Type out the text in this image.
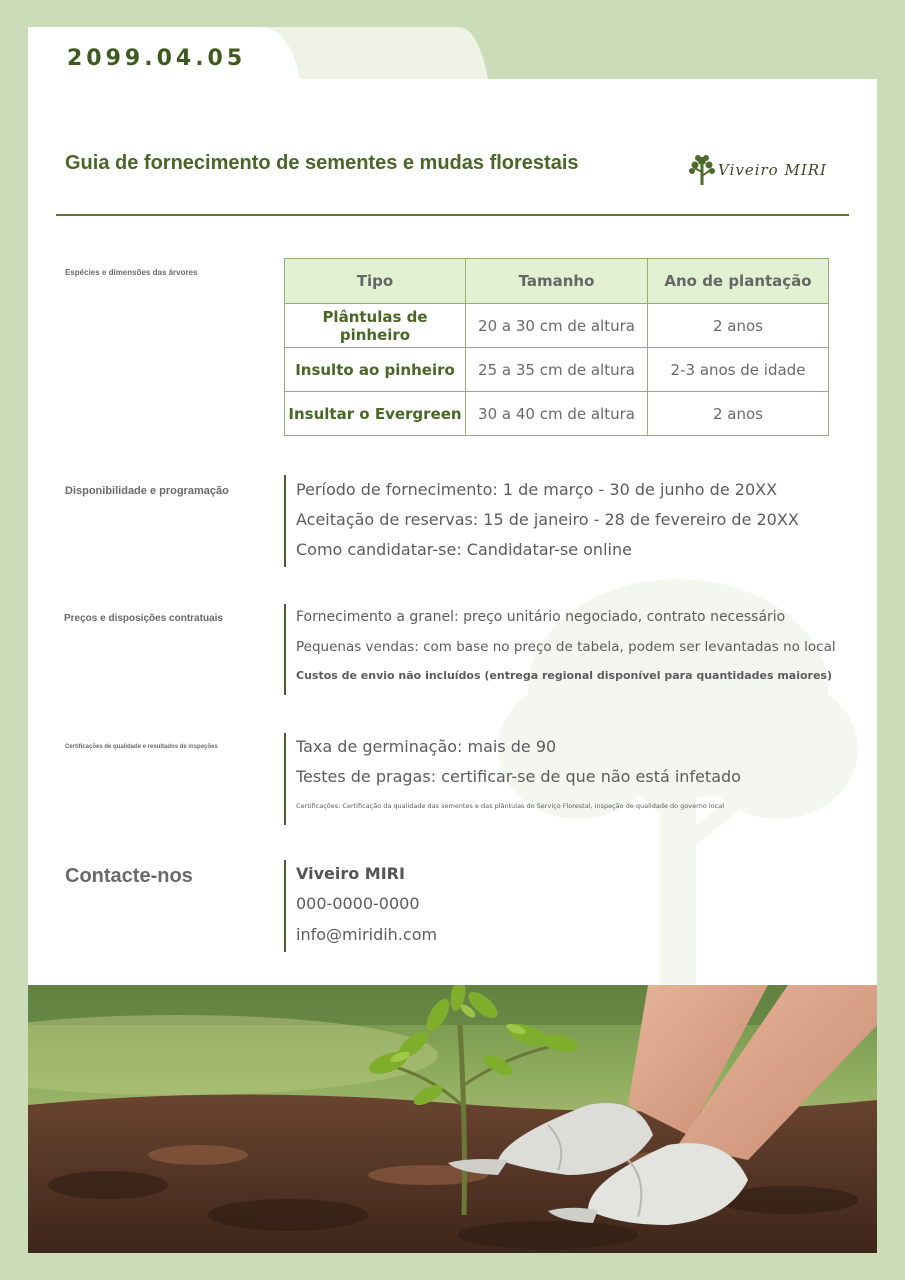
2099.04.05
Guia de fornecimento de sementes e mudas florestais	Viveiro MIRI
Espécies e dimensões das árvores	Tipo	Tamanho	Ano de plantação
Plântulas de pinheiro	20 a 30 cm de altura	2 anos
Insulto ao pinheiro	25 a 35 cm de altura	2-3 anos de idade
Insultar o Evergreen	30 a 40 cm de altura	2 anos
Disponibilidade e programação	Período de fornecimento: 1 de março - 30 de junho de 20XX
Aceitação de reservas: 15 de janeiro - 28 de fevereiro de 20XX
Como candidatar-se: Candidatar-se online
Preços e disposições contratuais	Fornecimento a granel: preço unitário negociado, contrato necessário
Pequenas vendas: com base no preço de tabela, podem ser levantadas no local
Custos de envio não incluídos (entrega regional disponível para quantidades maiores)
Certificações de qualidade e resultados de inspeções	Taxa de germinação: mais de 90
Testes de pragas: certificar-se de que não está infetado
Certificações: Certificação da qualidade das sementes e das plântulas do Serviço Florestal, inspeção de qualidade do governo local
Contacte-nos	Viveiro MIRI
000-0000-0000
info@miridih.com
